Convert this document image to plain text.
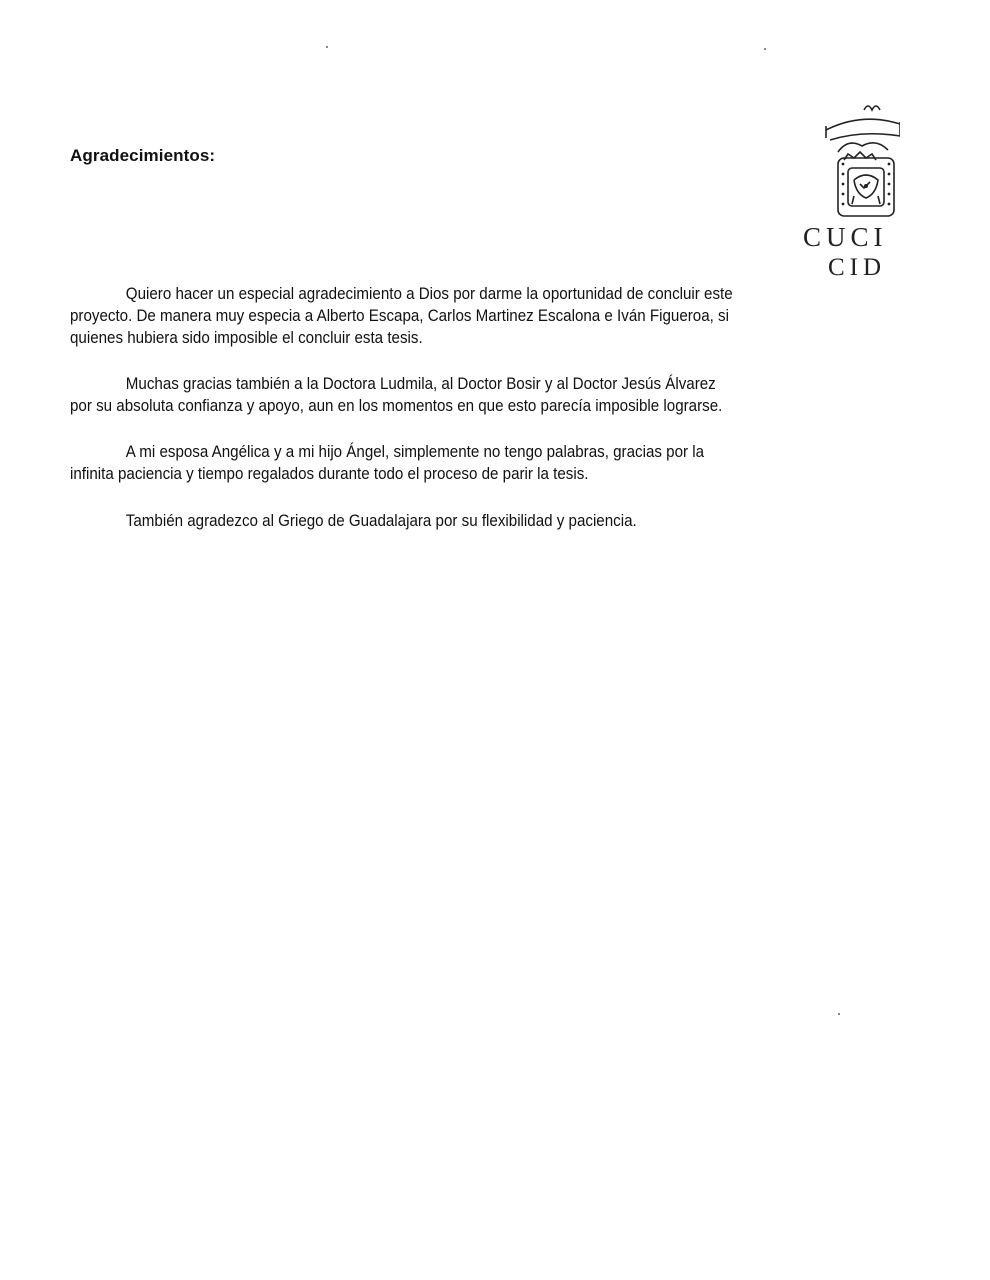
Agradecimientos:

Quiero hacer un especial agradecimiento a Dios por darme la oportunidad de concluir este proyecto. De manera muy especia a Alberto Escapa, Carlos Martinez Escalona e Iván Figueroa, si quienes hubiera sido imposible el concluir esta tesis.

Muchas gracias también a la Doctora Ludmila, al Doctor Bosir y al Doctor Jesús Álvarez por su absoluta confianza y apoyo, aun en los momentos en que esto parecía imposible lograrse.

A mi esposa Angélica y a mi hijo Ángel, simplemente no tengo palabras, gracias por la infinita paciencia y tiempo regalados durante todo el proceso de parir la tesis.

También agradezco al Griego de Guadalajara por su flexibilidad y paciencia.

CUCI
CID
